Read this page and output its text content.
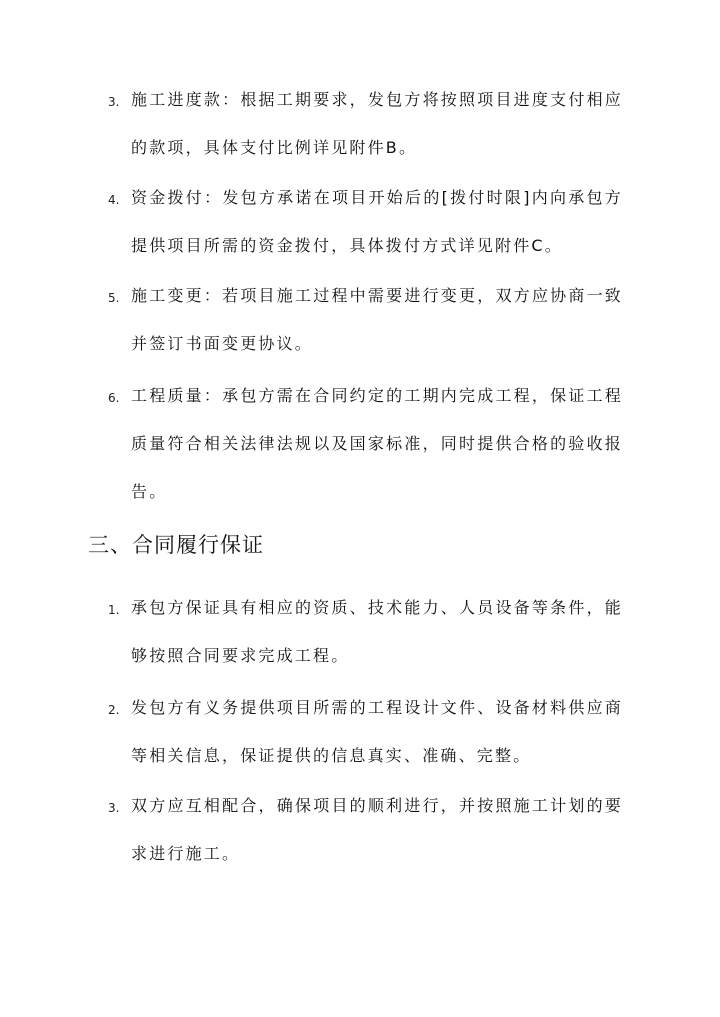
3. 施工进度款：根据工期要求，发包方将按照项目进度支付相应的款项，具体支付比例详见附件B。
4. 资金拨付：发包方承诺在项目开始后的[拨付时限]内向承包方提供项目所需的资金拨付，具体拨付方式详见附件C。
5. 施工变更：若项目施工过程中需要进行变更，双方应协商一致并签订书面变更协议。
6. 工程质量：承包方需在合同约定的工期内完成工程，保证工程质量符合相关法律法规以及国家标准，同时提供合格的验收报告。
三、合同履行保证
1. 承包方保证具有相应的资质、技术能力、人员设备等条件，能够按照合同要求完成工程。
2. 发包方有义务提供项目所需的工程设计文件、设备材料供应商等相关信息，保证提供的信息真实、准确、完整。
3. 双方应互相配合，确保项目的顺利进行，并按照施工计划的要求进行施工。
